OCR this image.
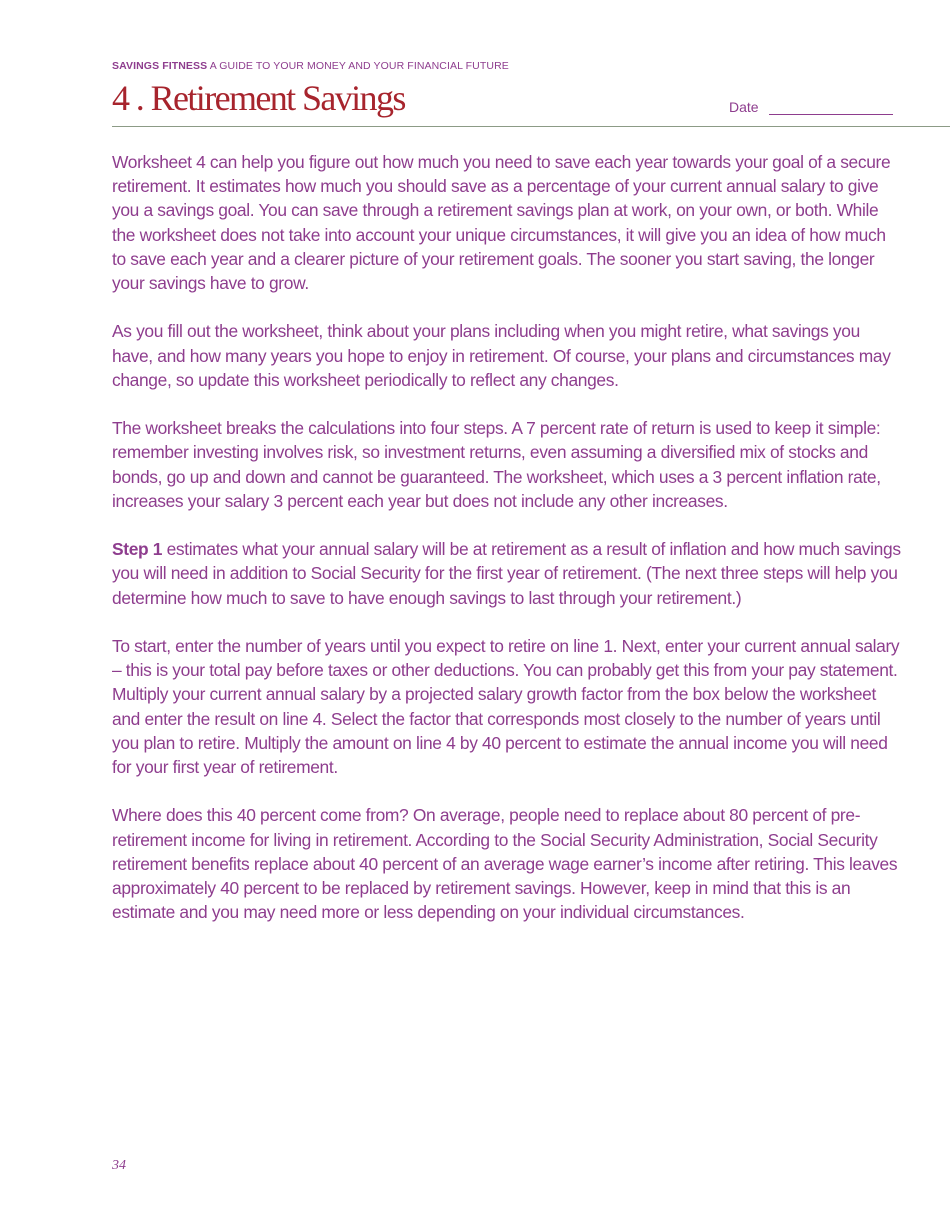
SAVINGS FITNESS A GUIDE TO YOUR MONEY AND YOUR FINANCIAL FUTURE
4 . Retirement Savings	Date

Worksheet 4 can help you figure out how much you need to save each year towards your goal of a secure retirement. It estimates how much you should save as a percentage of your current annual salary to give you a savings goal. You can save through a retirement savings plan at work, on your own, or both. While the worksheet does not take into account your unique circumstances, it will give you an idea of how much to save each year and a clearer picture of your retirement goals. The sooner you start saving, the longer your savings have to grow.

As you fill out the worksheet, think about your plans including when you might retire, what savings you have, and how many years you hope to enjoy in retirement. Of course, your plans and circumstances may change, so update this worksheet periodically to reflect any changes.

The worksheet breaks the calculations into four steps. A 7 percent rate of return is used to keep it simple: remember investing involves risk, so investment returns, even assuming a diversified mix of stocks and bonds, go up and down and cannot be guaranteed. The worksheet, which uses a 3 percent inflation rate, increases your salary 3 percent each year but does not include any other increases.

Step 1 estimates what your annual salary will be at retirement as a result of inflation and how much savings you will need in addition to Social Security for the first year of retirement. (The next three steps will help you determine how much to save to have enough savings to last through your retirement.)

To start, enter the number of years until you expect to retire on line 1. Next, enter your current annual salary – this is your total pay before taxes or other deductions. You can probably get this from your pay statement. Multiply your current annual salary by a projected salary growth factor from the box below the worksheet and enter the result on line 4. Select the factor that corresponds most closely to the number of years until you plan to retire. Multiply the amount on line 4 by 40 percent to estimate the annual income you will need for your first year of retirement.

Where does this 40 percent come from? On average, people need to replace about 80 percent of pre-retirement income for living in retirement. According to the Social Security Administration, Social Security retirement benefits replace about 40 percent of an average wage earner’s income after retiring. This leaves approximately 40 percent to be replaced by retirement savings. However, keep in mind that this is an estimate and you may need more or less depending on your individual circumstances.

34
